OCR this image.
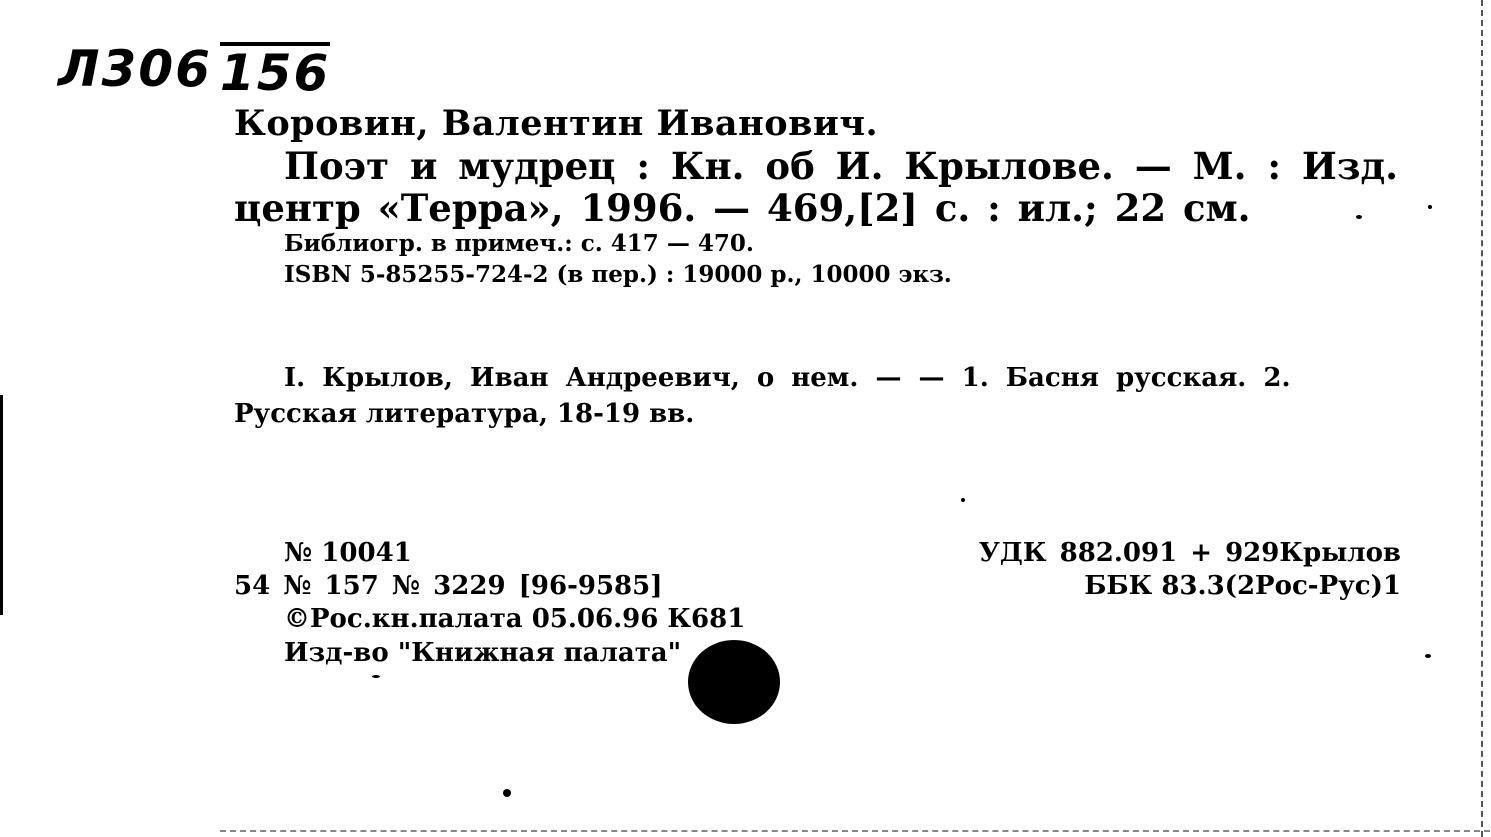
Л306 156
Коровин, Валентин Иванович.
Поэт и мудрец : Кн. об И. Крылове. — М. : Изд.
центр «Терра», 1996. — 469,[2] с. : ил.; 22 см.
Библиогр. в примеч.: с. 417 — 470.
ISBN 5-85255-724-2 (в пер.) : 19000 р., 10000 экз.
I. Крылов, Иван Андреевич, о нем. — — 1. Басня русская. 2.
Русская литература, 18-19 вв.
№ 10041
54 № 157 № 3229 [96-9585]
©Рос.кн.палата 05.06.96 К681
Изд-во "Книжная палата"
УДК 882.091 + 929Крылов
ББК 83.3(2Рос-Рус)1
